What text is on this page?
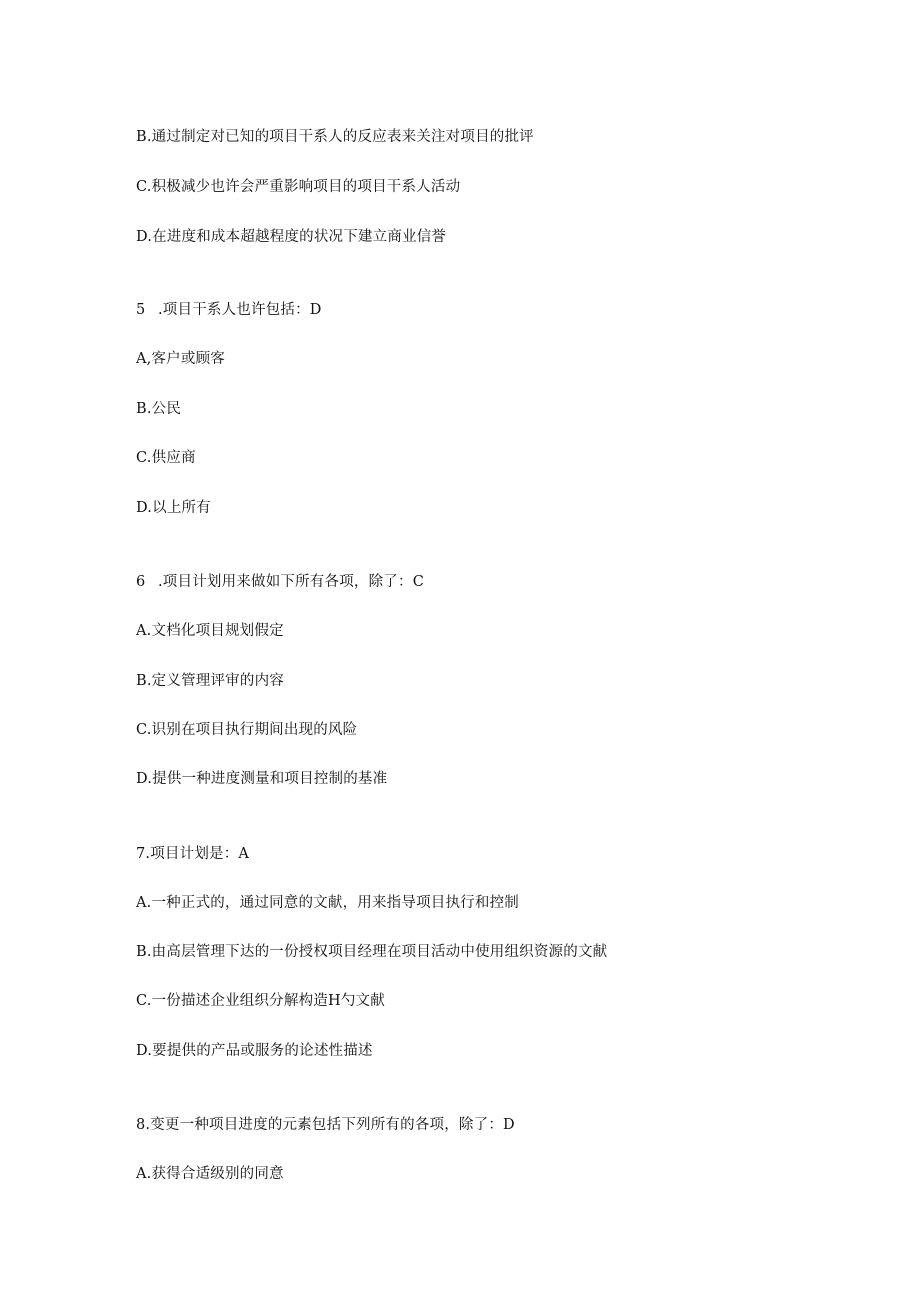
B.通过制定对已知的项目干系人的反应表来关注对项目的批评
C.积极减少也许会严重影响项目的项目干系人活动
D.在进度和成本超越程度的状况下建立商业信誉
5 .项目干系人也许包括：D
A,客户或顾客
B.公民
C.供应商
D.以上所有
6 .项目计划用来做如下所有各项，除了：C
A.文档化项目规划假定
B.定义管理评审的内容
C.识别在项目执行期间出现的风险
D.提供一种进度测量和项目控制的基准
7.项目计划是：A
A.一种正式的，通过同意的文献，用来指导项目执行和控制
B.由高层管理下达的一份授权项目经理在项目活动中使用组织资源的文献
C.一份描述企业组织分解构造H勺文献
D.要提供的产品或服务的论述性描述
8.变更一种项目进度的元素包括下列所有的各项，除了：D
A.获得合适级别的同意
